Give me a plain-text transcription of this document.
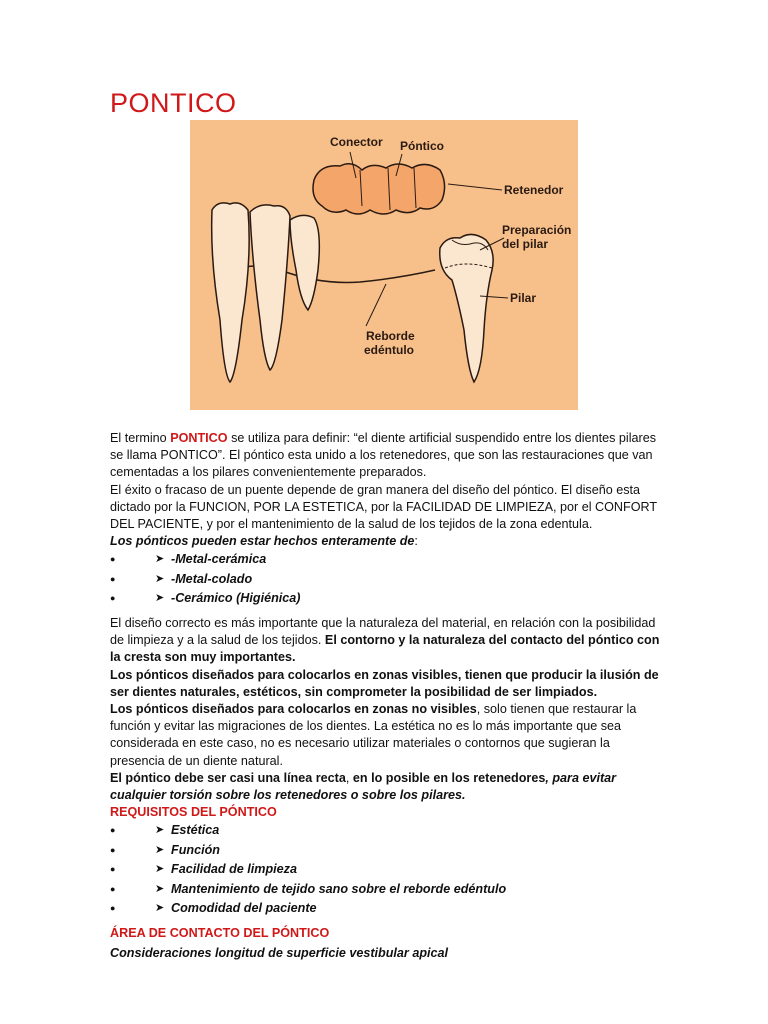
PONTICO
Conector Póntico
Retenedor
Preparación
del pilar
Pilar
Reborde
edéntulo

El termino PONTICO se utiliza para definir: “el diente artificial suspendido entre los dientes pilares se llama PONTICO”. El póntico esta unido a los retenedores, que son las restauraciones que van cementadas a los pilares convenientemente preparados.

El éxito o fracaso de un puente depende de gran manera del diseño del póntico. El diseño esta dictado por la FUNCION, POR LA ESTETICA, por la FACILIDAD DE LIMPIEZA, por el CONFORT DEL PACIENTE, y por el mantenimiento de la salud de los tejidos de la zona edentula.

Los pónticos pueden estar hechos enteramente de:

●	➤ -Metal-cerámica
●	➤ -Metal-colado
●	➤ -Cerámico (Higiénica)

El diseño correcto es más importante que la naturaleza del material, en relación con la posibilidad de limpieza y a la salud de los tejidos. El contorno y la naturaleza del contacto del póntico con la cresta son muy importantes.

Los pónticos diseñados para colocarlos en zonas visibles, tienen que producir la ilusión de ser dientes naturales, estéticos, sin comprometer la posibilidad de ser limpiados.

Los pónticos diseñados para colocarlos en zonas no visibles, solo tienen que restaurar la función y evitar las migraciones de los dientes. La estética no es lo más importante que sea considerada en este caso, no es necesario utilizar materiales o contornos que sugieran la presencia de un diente natural.

El póntico debe ser casi una línea recta, en lo posible en los retenedores, para evitar cualquier torsión sobre los retenedores o sobre los pilares.

REQUISITOS DEL PÓNTICO

●	➤ Estética
●	➤ Función
●	➤ Facilidad de limpieza
●	➤ Mantenimiento de tejido sano sobre el reborde edéntulo
●	➤ Comodidad del paciente

ÁREA DE CONTACTO DEL PÓNTICO

Consideraciones longitud de superficie vestibular apical
